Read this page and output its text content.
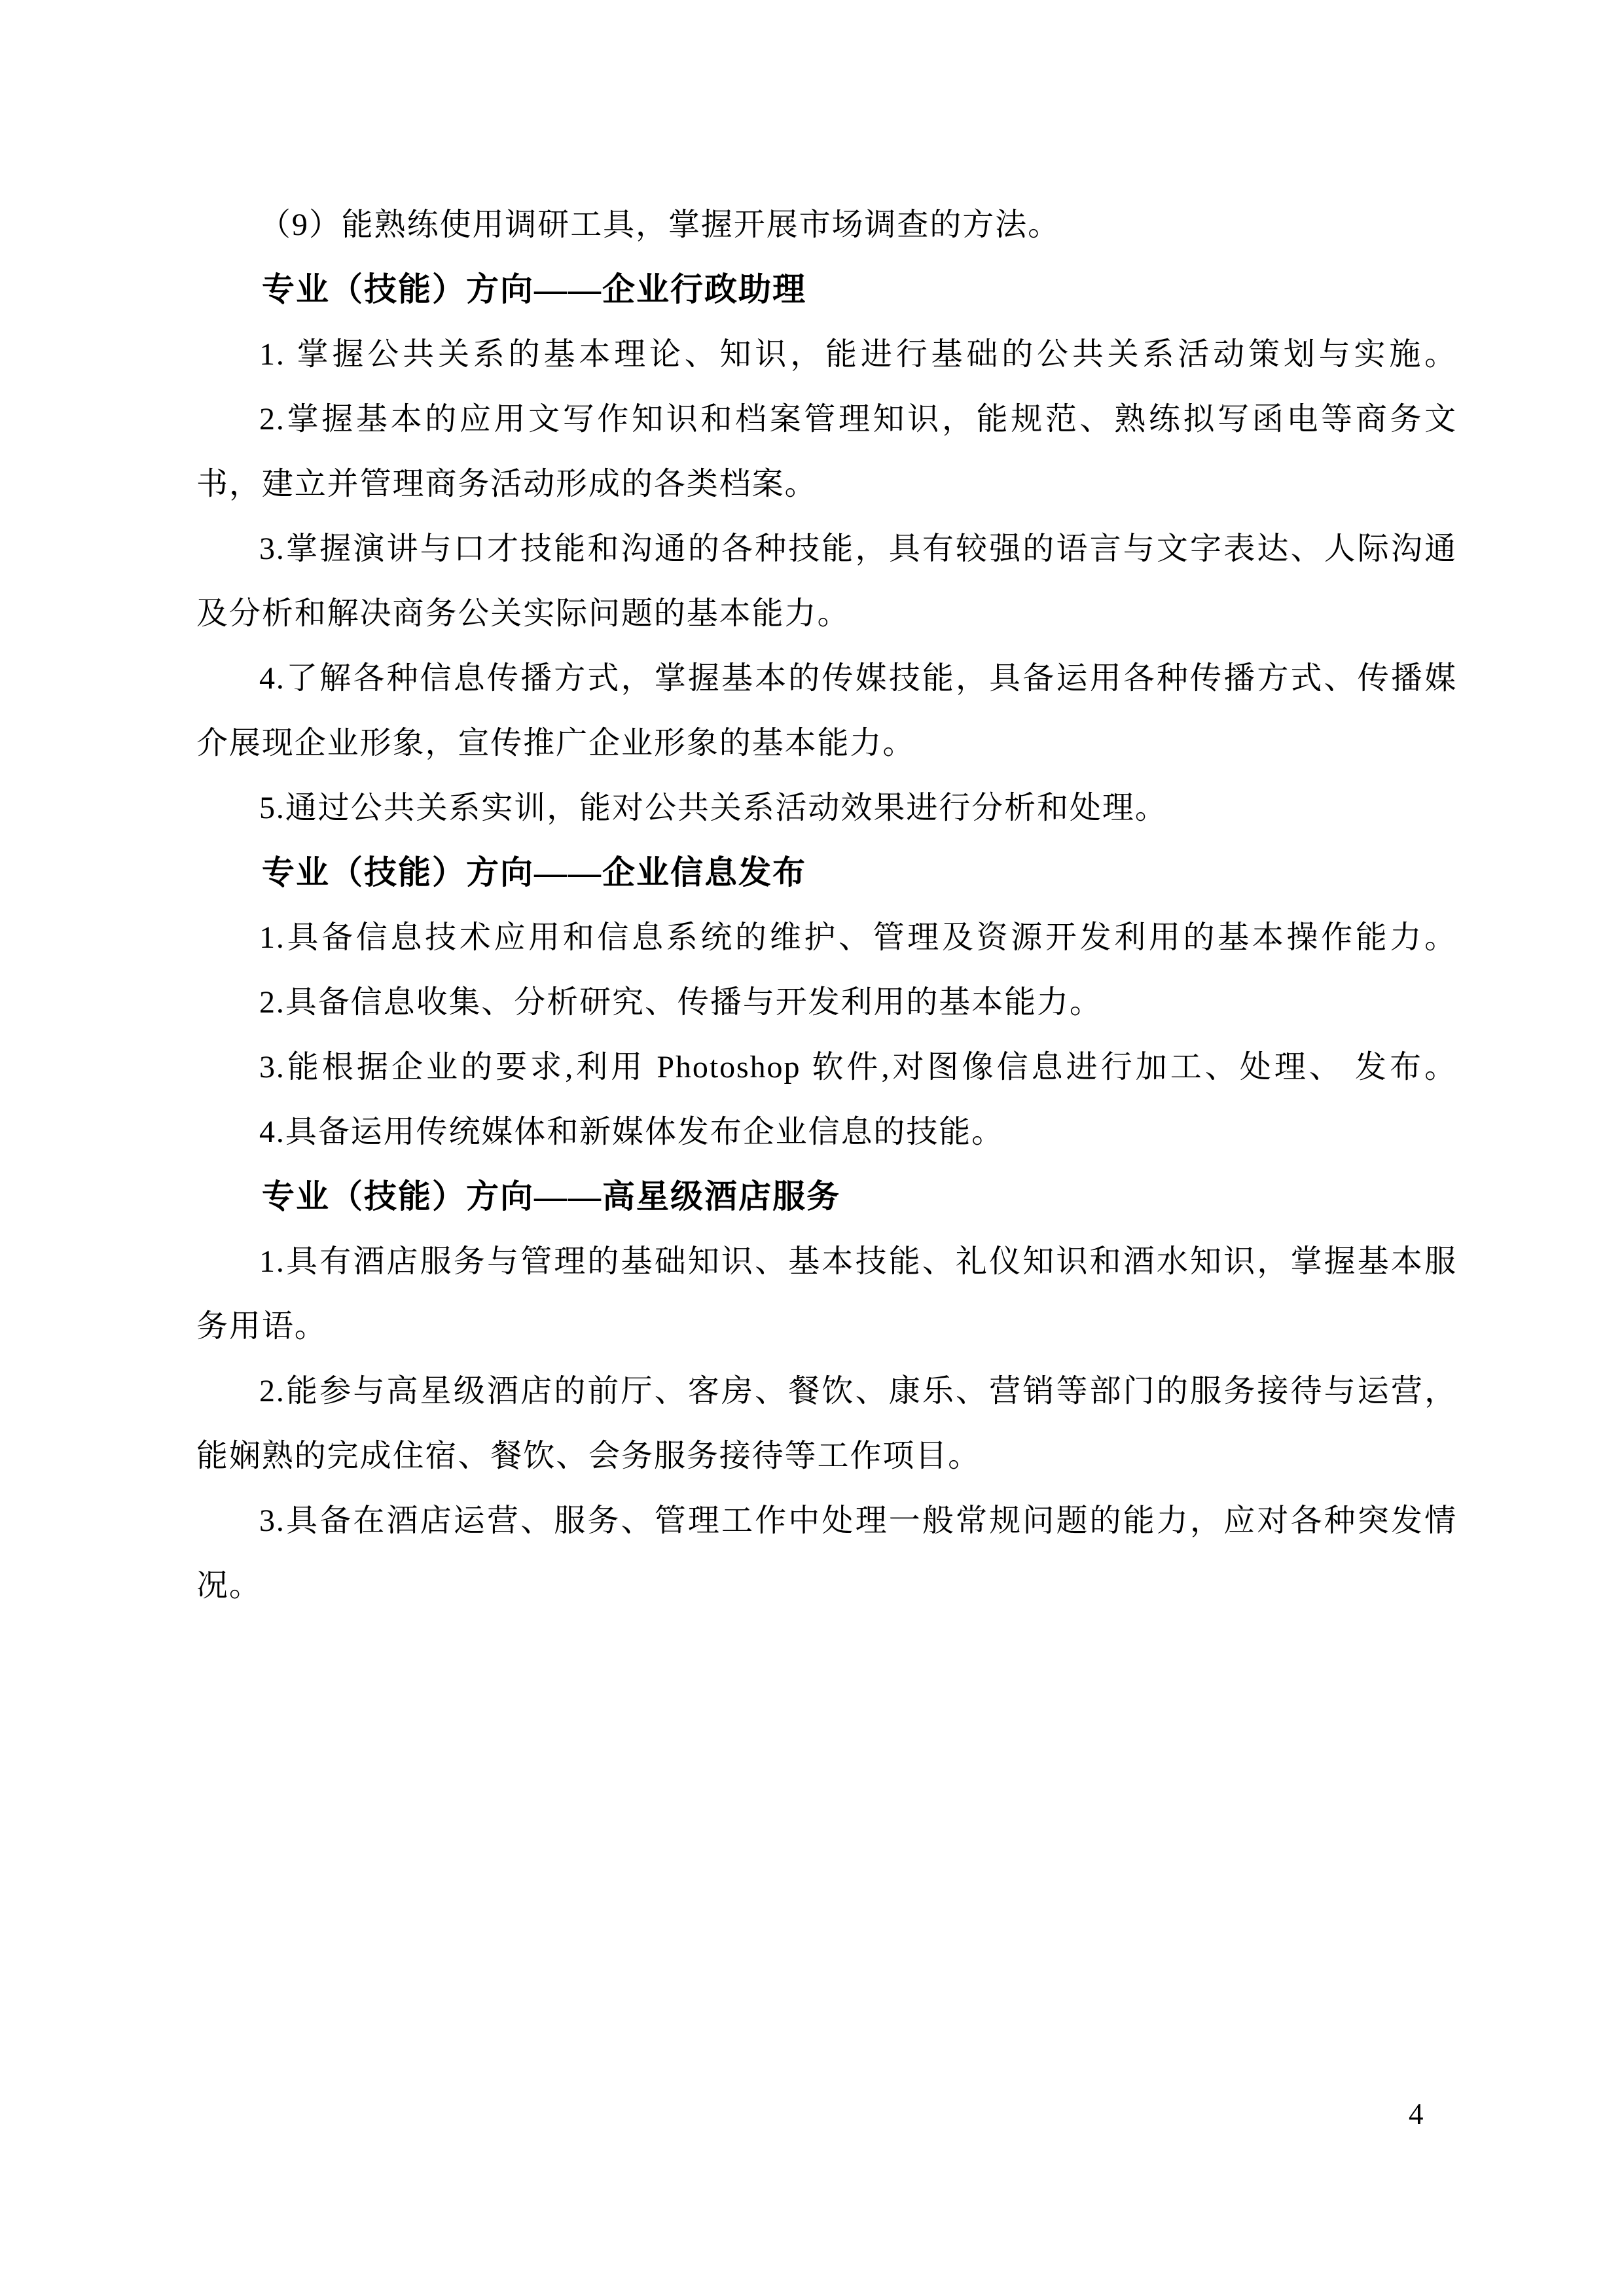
（9）能熟练使用调研工具，掌握开展市场调查的方法。

专业（技能）方向——企业行政助理

1. 掌握公共关系的基本理论、知识，能进行基础的公共关系活动策划与实施。

2.掌握基本的应用文写作知识和档案管理知识，能规范、熟练拟写函电等商务文书，建立并管理商务活动形成的各类档案。

3.掌握演讲与口才技能和沟通的各种技能，具有较强的语言与文字表达、人际沟通及分析和解决商务公关实际问题的基本能力。

4.了解各种信息传播方式，掌握基本的传媒技能，具备运用各种传播方式、传播媒介展现企业形象，宣传推广企业形象的基本能力。

5.通过公共关系实训，能对公共关系活动效果进行分析和处理。

专业（技能）方向——企业信息发布

1.具备信息技术应用和信息系统的维护、管理及资源开发利用的基本操作能力。

2.具备信息收集、分析研究、传播与开发利用的基本能力。

3.能根据企业的要求,利用 Photoshop 软件,对图像信息进行加工、处理、 发布。

4.具备运用传统媒体和新媒体发布企业信息的技能。

专业（技能）方向——高星级酒店服务

1.具有酒店服务与管理的基础知识、基本技能、礼仪知识和酒水知识，掌握基本服务用语。

2.能参与高星级酒店的前厅、客房、餐饮、康乐、营销等部门的服务接待与运营，能娴熟的完成住宿、餐饮、会务服务接待等工作项目。

3.具备在酒店运营、服务、管理工作中处理一般常规问题的能力，应对各种突发情况。

4
